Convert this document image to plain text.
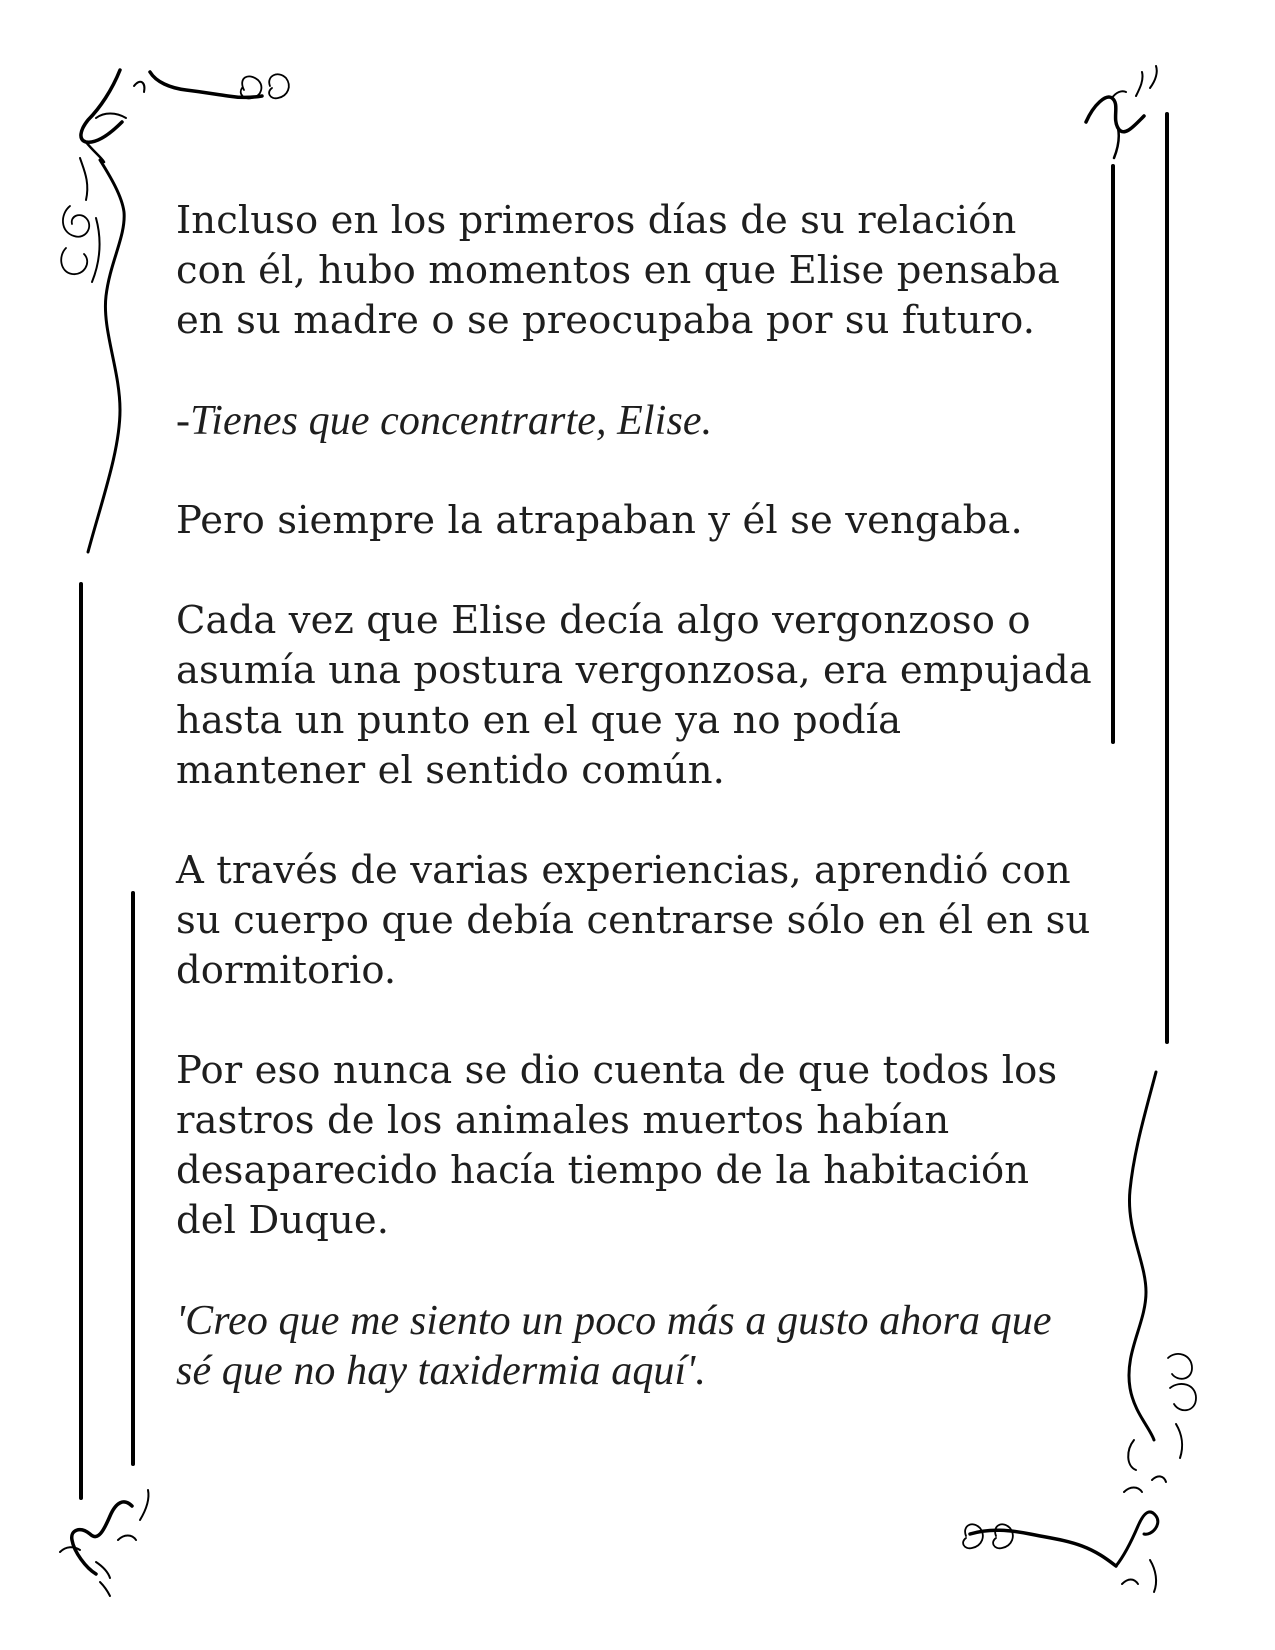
Incluso en los primeros días de su relación con él, hubo momentos en que Elise pensaba en su madre o se preocupaba por su futuro.

-Tienes que concentrarte, Elise.

Pero siempre la atrapaban y él se vengaba.

Cada vez que Elise decía algo vergonzoso o asumía una postura vergonzosa, era empujada hasta un punto en el que ya no podía mantener el sentido común.

A través de varias experiencias, aprendió con su cuerpo que debía centrarse sólo en él en su dormitorio.

Por eso nunca se dio cuenta de que todos los rastros de los animales muertos habían desaparecido hacía tiempo de la habitación del Duque.

'Creo que me siento un poco más a gusto ahora que sé que no hay taxidermia aquí'.
